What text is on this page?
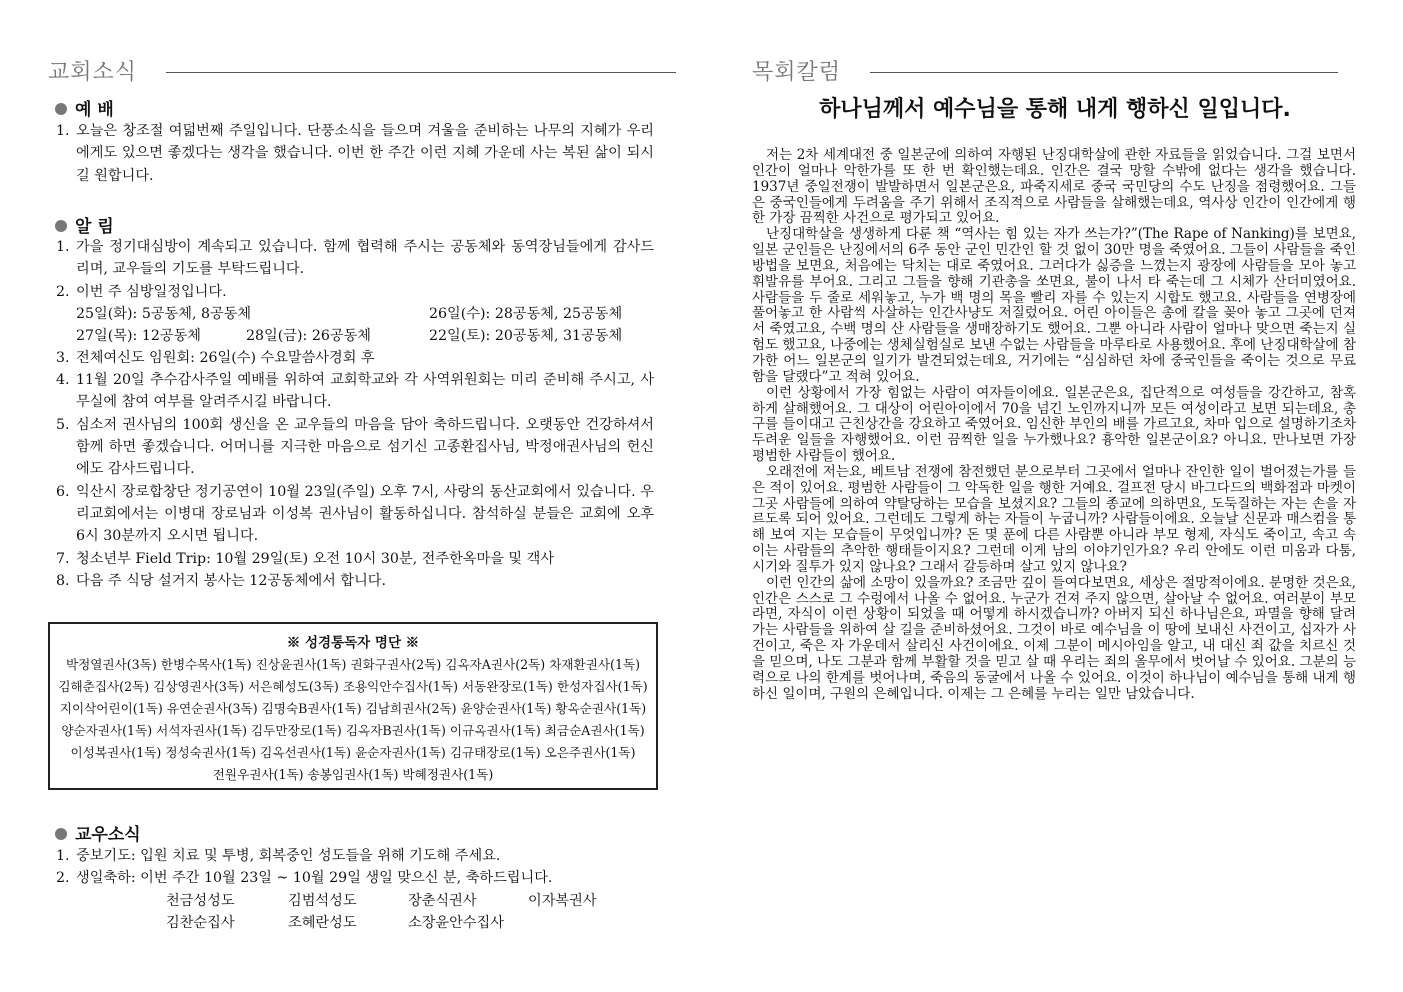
교회소식
예 배
1. 오늘은 창조절 여덟번째 주일입니다. 단풍소식을 들으며 겨울을 준비하는 나무의 지혜가 우리에게도 있으면 좋겠다는 생각을 했습니다. 이번 한 주간 이런 지혜 가운데 사는 복된 삶이 되시길 원합니다.
알 림
1. 가을 정기대심방이 계속되고 있습니다. 함께 협력해 주시는 공동체와 동역장님들에게 감사드리며, 교우들의 기도를 부탁드립니다.
2. 이번 주 심방일정입니다.
25일(화): 5공동체, 8공동체	26일(수): 28공동체, 25공동체
27일(목): 12공동체	28일(금): 26공동체	22일(토): 20공동체, 31공동체
3. 전체여신도 임원회: 26일(수) 수요말씀사경회 후
4. 11월 20일 추수감사주일 예배를 위하여 교회학교와 각 사역위원회는 미리 준비해 주시고, 사무실에 참여 여부를 알려주시길 바랍니다.
5. 심소저 권사님의 100회 생신을 온 교우들의 마음을 담아 축하드립니다. 오랫동안 건강하셔서 함께 하면 좋겠습니다. 어머니를 지극한 마음으로 섬기신 고종환집사님, 박정애권사님의 헌신에도 감사드립니다.
6. 익산시 장로합창단 정기공연이 10월 23일(주일) 오후 7시, 사랑의 동산교회에서 있습니다. 우리교회에서는 이병대 장로님과 이성복 권사님이 활동하십니다. 참석하실 분들은 교회에 오후 6시 30분까지 오시면 됩니다.
7. 청소년부 Field Trip: 10월 29일(토) 오전 10시 30분, 전주한옥마을 및 객사
8. 다음 주 식당 설거지 봉사는 12공동체에서 합니다.
※ 성경통독자 명단 ※
박정열권사(3독) 한병수목사(1독) 진상윤권사(1독) 권화구권사(2독) 김옥자A권사(2독) 차재환권사(1독)
김해춘집사(2독) 김상영권사(3독) 서은혜성도(3독) 조용익안수집사(1독) 서동완장로(1독) 한성자집사(1독)
지이삭어린이(1독) 유연순권사(3독) 김명숙B권사(1독) 김남희권사(2독) 윤양순권사(1독) 황옥순권사(1독)
양순자권사(1독) 서석자권사(1독) 김두만장로(1독) 김옥자B권사(1독) 이규옥권사(1독) 최금순A권사(1독)
이성복권사(1독) 정성숙권사(1독) 김옥선권사(1독) 윤순자권사(1독) 김규태장로(1독) 오은주권사(1독)
전원우권사(1독) 송봉임권사(1독) 박혜정권사(1독)
교우소식
1. 중보기도: 입원 치료 및 투병, 회복중인 성도들을 위해 기도해 주세요.
2. 생일축하: 이번 주간 10월 23일 ~ 10월 29일 생일 맞으신 분, 축하드립니다.
천금성성도	김범석성도	장춘식권사	이자복권사
김찬순집사	조혜란성도	소장윤안수집사
목회칼럼
하나님께서 예수님을 통해 내게 행하신 일입니다.

저는 2차 세계대전 중 일본군에 의하여 자행된 난징대학살에 관한 자료들을 읽었습니다. 그걸 보면서 인간이 얼마나 악한가를 또 한 번 확인했는데요. 인간은 결국 망할 수밖에 없다는 생각을 했습니다. 1937년 중일전쟁이 발발하면서 일본군은요, 파죽지세로 중국 국민당의 수도 난징을 점령했어요. 그들은 중국인들에게 두려움을 주기 위해서 조직적으로 사람들을 살해했는데요, 역사상 인간이 인간에게 행한 가장 끔찍한 사건으로 평가되고 있어요.

난징대학살을 생생하게 다룬 책 “역사는 힘 있는 자가 쓰는가?”(The Rape of Nanking)를 보면요, 일본 군인들은 난징에서의 6주 동안 군인 민간인 할 것 없이 30만 명을 죽였어요. 그들이 사람들을 죽인 방법을 보면요, 처음에는 닥치는 대로 죽였어요. 그러다가 싫증을 느꼈는지 광장에 사람들을 모아 놓고 휘발유를 부어요. 그리고 그들을 향해 기관총을 쏘면요, 불이 나서 타 죽는데 그 시체가 산더미였어요. 사람들을 두 줄로 세워놓고, 누가 백 명의 목을 빨리 자를 수 있는지 시합도 했고요. 사람들을 연병장에 풀어놓고 한 사람씩 사살하는 인간사냥도 저질렀어요. 어린 아이들은 총에 칼을 꽂아 놓고 그곳에 던져서 죽였고요, 수백 명의 산 사람들을 생매장하기도 했어요. 그뿐 아니라 사람이 얼마나 맞으면 죽는지 실험도 했고요, 나중에는 생체실험실로 보낸 수없는 사람들을 마루타로 사용했어요. 후에 난징대학살에 참가한 어느 일본군의 일기가 발견되었는데요, 거기에는 “심심하던 차에 중국인들을 죽이는 것으로 무료함을 달랬다”고 적혀 있어요.

이런 상황에서 가장 힘없는 사람이 여자들이에요. 일본군은요, 집단적으로 여성들을 강간하고, 참혹하게 살해했어요. 그 대상이 어린아이에서 70을 넘긴 노인까지니까 모든 여성이라고 보면 되는데요, 총구를 들이대고 근친상간을 강요하고 죽였어요. 임신한 부인의 배를 가르고요, 차마 입으로 설명하기조차 두려운 일들을 자행했어요. 이런 끔찍한 일을 누가했나요? 흉악한 일본군이요? 아니요. 만나보면 가장 평범한 사람들이 했어요.

오래전에 저는요, 베트남 전쟁에 참전했던 분으로부터 그곳에서 얼마나 잔인한 일이 벌어졌는가를 들은 적이 있어요. 평범한 사람들이 그 악독한 일을 행한 거예요. 걸프전 당시 바그다드의 백화점과 마켓이 그곳 사람들에 의하여 약탈당하는 모습을 보셨지요? 그들의 종교에 의하면요, 도둑질하는 자는 손을 자르도록 되어 있어요. 그런데도 그렇게 하는 자들이 누굽니까? 사람들이에요. 오늘날 신문과 매스컴을 통해 보여 지는 모습들이 무엇입니까? 돈 몇 푼에 다른 사람뿐 아니라 부모 형제, 자식도 죽이고, 속고 속이는 사람들의 추악한 행태들이지요? 그런데 이게 남의 이야기인가요? 우리 안에도 이런 미움과 다툼, 시기와 질투가 있지 않나요? 그래서 갈등하며 살고 있지 않나요?

이런 인간의 삶에 소망이 있을까요? 조금만 깊이 들여다보면요, 세상은 절망적이에요. 분명한 것은요, 인간은 스스로 그 수렁에서 나올 수 없어요. 누군가 건져 주지 않으면, 살아날 수 없어요. 여러분이 부모라면, 자식이 이런 상황이 되었을 때 어떻게 하시겠습니까? 아버지 되신 하나님은요, 파멸을 향해 달려가는 사람들을 위하여 살 길을 준비하셨어요. 그것이 바로 예수님을 이 땅에 보내신 사건이고, 십자가 사건이고, 죽은 자 가운데서 살리신 사건이에요. 이제 그분이 메시아임을 알고, 내 대신 죄 값을 치르신 것을 믿으며, 나도 그분과 함께 부활할 것을 믿고 살 때 우리는 죄의 올무에서 벗어날 수 있어요. 그분의 능력으로 나의 한계를 벗어나며, 죽음의 동굴에서 나올 수 있어요. 이것이 하나님이 예수님을 통해 내게 행하신 일이며, 구원의 은혜입니다. 이제는 그 은혜를 누리는 일만 남았습니다.
